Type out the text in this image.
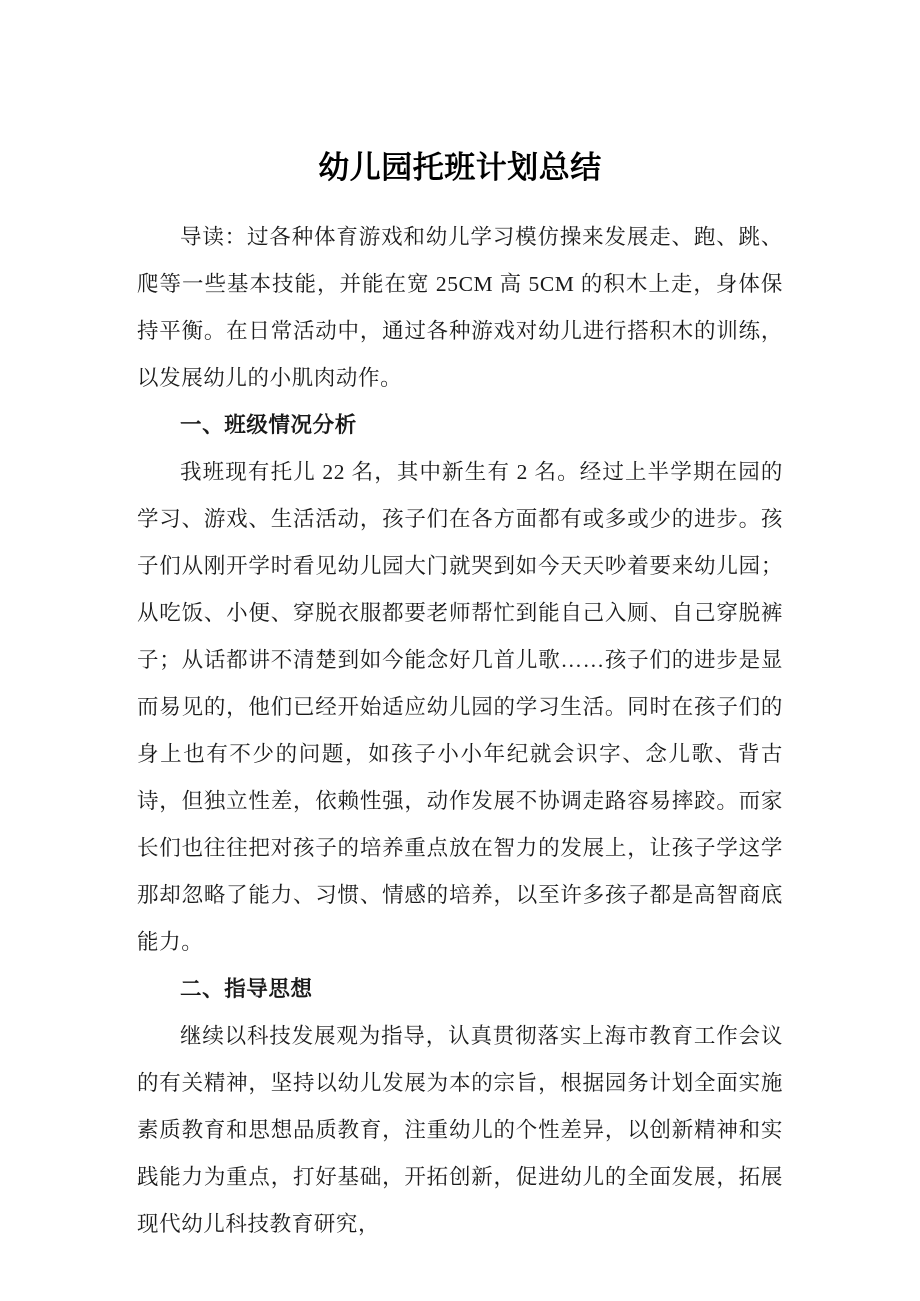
幼儿园托班计划总结

导读：过各种体育游戏和幼儿学习模仿操来发展走、跑、跳、爬等一些基本技能，并能在宽 25CM 高 5CM 的积木上走，身体保持平衡。在日常活动中，通过各种游戏对幼儿进行搭积木的训练，以发展幼儿的小肌肉动作。

一、班级情况分析

我班现有托儿 22 名，其中新生有 2 名。经过上半学期在园的学习、游戏、生活活动，孩子们在各方面都有或多或少的进步。孩子们从刚开学时看见幼儿园大门就哭到如今天天吵着要来幼儿园；从吃饭、小便、穿脱衣服都要老师帮忙到能自己入厕、自己穿脱裤子；从话都讲不清楚到如今能念好几首儿歌……孩子们的进步是显而易见的，他们已经开始适应幼儿园的学习生活。同时在孩子们的身上也有不少的问题，如孩子小小年纪就会识字、念儿歌、背古诗，但独立性差，依赖性强，动作发展不协调走路容易摔跤。而家长们也往往把对孩子的培养重点放在智力的发展上，让孩子学这学那却忽略了能力、习惯、情感的培养，以至许多孩子都是高智商底能力。

二、指导思想

继续以科技发展观为指导，认真贯彻落实上海市教育工作会议的有关精神，坚持以幼儿发展为本的宗旨，根据园务计划全面实施素质教育和思想品质教育，注重幼儿的个性差异，以创新精神和实践能力为重点，打好基础，开拓创新，促进幼儿的全面发展，拓展现代幼儿科技教育研究，
